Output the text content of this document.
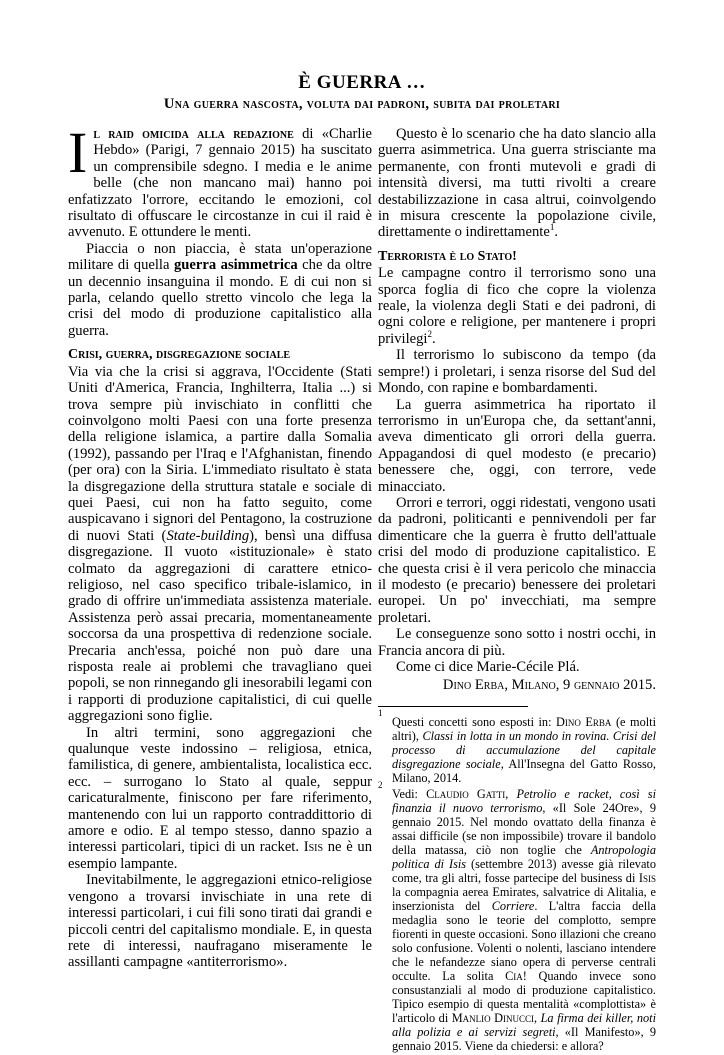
È GUERRA …
Una guerra nascosta, voluta dai padroni, subita dai proletari

Il raid omicida alla redazione di «Charlie Hebdo» (Parigi, 7 gennaio 2015) ha suscitato un comprensibile sdegno. I media e le anime belle (che non mancano mai) hanno poi enfatizzato l'orrore, eccitando le emozioni, col risultato di offuscare le circostanze in cui il raid è avvenuto. E ottundere le menti.

Piaccia o non piaccia, è stata un'operazione militare di quella guerra asimmetrica che da oltre un decennio insanguina il mondo. E di cui non si parla, celando quello stretto vincolo che lega la crisi del modo di produzione capitalistico alla guerra.

Crisi, guerra, disgregazione sociale

Via via che la crisi si aggrava, l'Occidente (Stati Uniti d'America, Francia, Inghilterra, Italia ...) si trova sempre più invischiato in conflitti che coinvolgono molti Paesi con una forte presenza della religione islamica, a partire dalla Somalia (1992), passando per l'Iraq e l'Afghanistan, finendo (per ora) con la Siria. L'immediato risultato è stata la disgregazione della struttura statale e sociale di quei Paesi, cui non ha fatto seguito, come auspicavano i signori del Pentagono, la costruzione di nuovi Stati (State-building), bensì una diffusa disgregazione. Il vuoto «istituzionale» è stato colmato da aggregazioni di carattere etnico-religioso, nel caso specifico tribale-islamico, in grado di offrire un'immediata assistenza materiale. Assistenza però assai precaria, momentaneamente soccorsa da una prospettiva di redenzione sociale. Precaria anch'essa, poiché non può dare una risposta reale ai problemi che travagliano quei popoli, se non rinnegando gli inesorabili legami con i rapporti di produzione capitalistici, di cui quelle aggregazioni sono figlie.

In altri termini, sono aggregazioni che qualunque veste indossino – religiosa, etnica, familistica, di genere, ambientalista, localistica ecc. ecc. – surrogano lo Stato al quale, seppur caricaturalmente, finiscono per fare riferimento, mantenendo con lui un rapporto contraddittorio di amore e odio. E al tempo stesso, danno spazio a interessi particolari, tipici di un racket. Isis ne è un esempio lampante.

Inevitabilmente, le aggregazioni etnico-religiose vengono a trovarsi invischiate in una rete di interessi particolari, i cui fili sono tirati dai grandi e piccoli centri del capitalismo mondiale. E, in questa rete di interessi, naufragano miseramente le assillanti campagne «antiterrorismo».

Questo è lo scenario che ha dato slancio alla guerra asimmetrica. Una guerra strisciante ma permanente, con fronti mutevoli e gradi di intensità diversi, ma tutti rivolti a creare destabilizzazione in casa altrui, coinvolgendo in misura crescente la popolazione civile, direttamente o indirettamente$^1$.

Terrorista è lo Stato!

Le campagne contro il terrorismo sono una sporca foglia di fico che copre la violenza reale, la violenza degli Stati e dei padroni, di ogni colore e religione, per mantenere i propri privilegi$^2$.

Il terrorismo lo subiscono da tempo (da sempre!) i proletari, i senza risorse del Sud del Mondo, con rapine e bombardamenti.

La guerra asimmetrica ha riportato il terrorismo in un'Europa che, da settant'anni, aveva dimenticato gli orrori della guerra. Appagandosi di quel modesto (e precario) benessere che, oggi, con terrore, vede minacciato.

Orrori e terrori, oggi ridestati, vengono usati da padroni, politicanti e pennivendoli per far dimenticare che la guerra è frutto dell'attuale crisi del modo di produzione capitalistico. E che questa crisi è il vera pericolo che minaccia il modesto (e precario) benessere dei proletari europei. Un po' invecchiati, ma sempre proletari.

Le conseguenze sono sotto i nostri occhi, in Francia ancora di più.

Come ci dice Marie-Cécile Plá.

Dino Erba, Milano, 9 gennaio 2015.

1
Questi concetti sono esposti in: Dino Erba (e molti altri), Classi in lotta in un mondo in rovina. Crisi del processo di accumulazione del capitale disgregazione sociale, All'Insegna del Gatto Rosso, Milano, 2014.

2
Vedi: Claudio Gatti, Petrolio e racket, così si finanzia il nuovo terrorismo, «Il Sole 24Ore», 9 gennaio 2015. Nel mondo ovattato della finanza è assai difficile (se non impossibile) trovare il bandolo della matassa, ciò non toglie che Antropologia politica di Isis (settembre 2013) avesse già rilevato come, tra gli altri, fosse partecipe del business di Isis la compagnia aerea Emirates, salvatrice di Alitalia, e inserzionista del Corriere. L'altra faccia della medaglia sono le teorie del complotto, sempre fiorenti in queste occasioni. Sono illazioni che creano solo confusione. Volenti o nolenti, lasciano intendere che le nefandezze siano opera di perverse centrali occulte. La solita Cia! Quando invece sono consustanziali al modo di produzione capitalistico. Tipico esempio di questa mentalità «complottista» è l'articolo di Manlio Dinucci, La firma dei killer, noti alla polizia e ai servizi segreti, «Il Manifesto», 9 gennaio 2015. Viene da chiedersi: e allora?
